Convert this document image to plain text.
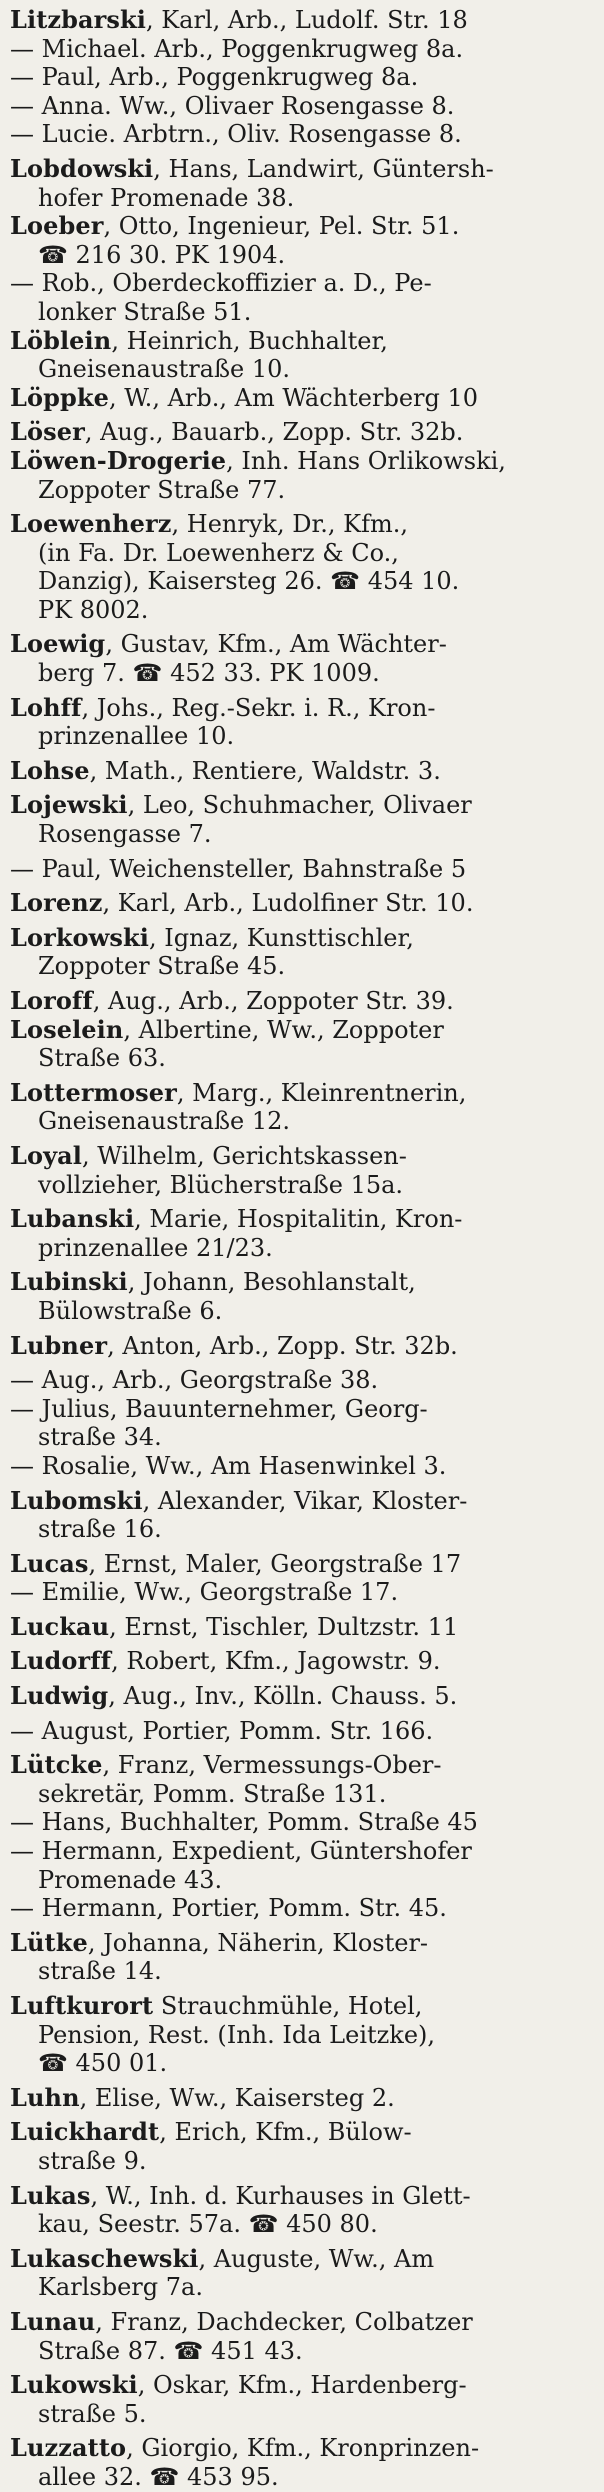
Litzbarski, Karl, Arb., Ludolf. Str. 18

— Michael. Arb., Poggenkrugweg 8a.

— Paul, Arb., Poggenkrugweg 8a.

— Anna. Ww., Olivaer Rosengasse 8.

— Lucie. Arbtrn., Oliv. Rosengasse 8.

Lobdowski, Hans, Landwirt, Güntersh-
hofer Promenade 38.

Loeber, Otto, Ingenieur, Pel. Str. 51.
☎ 216 30. PK 1904.

— Rob., Oberdeckoffizier a. D., Pe-
lonker Straße 51.

Löblein, Heinrich, Buchhalter,
Gneisenaustraße 10.

Löppke, W., Arb., Am Wächterberg 10

Löser, Aug., Bauarb., Zopp. Str. 32b.

Löwen-Drogerie, Inh. Hans Orlikowski,
Zoppoter Straße 77.

Loewenherz, Henryk, Dr., Kfm.,
(in Fa. Dr. Loewenherz & Co.,
Danzig), Kaisersteg 26. ☎ 454 10.
PK 8002.

Loewig, Gustav, Kfm., Am Wächter-
berg 7. ☎ 452 33. PK 1009.

Lohff, Johs., Reg.-Sekr. i. R., Kron-
prinzenallee 10.

Lohse, Math., Rentiere, Waldstr. 3.

Lojewski, Leo, Schuhmacher, Olivaer
Rosengasse 7.

— Paul, Weichensteller, Bahnstraße 5

Lorenz, Karl, Arb., Ludolfiner Str. 10.

Lorkowski, Ignaz, Kunsttischler,
Zoppoter Straße 45.

Loroff, Aug., Arb., Zoppoter Str. 39.

Loselein, Albertine, Ww., Zoppoter
Straße 63.

Lottermoser, Marg., Kleinrentnerin,
Gneisenaustraße 12.

Loyal, Wilhelm, Gerichtskassen-
vollzieher, Blücherstraße 15a.

Lubanski, Marie, Hospitalitin, Kron-
prinzenallee 21/23.

Lubinski, Johann, Besohlanstalt,
Bülowstraße 6.

Lubner, Anton, Arb., Zopp. Str. 32b.

— Aug., Arb., Georgstraße 38.

— Julius, Bauunternehmer, Georg-
straße 34.

— Rosalie, Ww., Am Hasenwinkel 3.

Lubomski, Alexander, Vikar, Kloster-
straße 16.

Lucas, Ernst, Maler, Georgstraße 17

— Emilie, Ww., Georgstraße 17.

Luckau, Ernst, Tischler, Dultzstr. 11

Ludorff, Robert, Kfm., Jagowstr. 9.

Ludwig, Aug., Inv., Kölln. Chauss. 5.

— August, Portier, Pomm. Str. 166.

Lütcke, Franz, Vermessungs-Ober-
sekretär, Pomm. Straße 131.

— Hans, Buchhalter, Pomm. Straße 45

— Hermann, Expedient, Güntershofer
Promenade 43.

— Hermann, Portier, Pomm. Str. 45.

Lütke, Johanna, Näherin, Kloster-
straße 14.

Luftkurort Strauchmühle, Hotel,
Pension, Rest. (Inh. Ida Leitzke),
☎ 450 01.

Luhn, Elise, Ww., Kaisersteg 2.

Luickhardt, Erich, Kfm., Bülow-
straße 9.

Lukas, W., Inh. d. Kurhauses in Glett-
kau, Seestr. 57a. ☎ 450 80.

Lukaschewski, Auguste, Ww., Am
Karlsberg 7a.

Lunau, Franz, Dachdecker, Colbatzer
Straße 87. ☎ 451 43.

Lukowski, Oskar, Kfm., Hardenberg-
straße 5.

Luzzatto, Giorgio, Kfm., Kronprinzen-
allee 32. ☎ 453 95.
